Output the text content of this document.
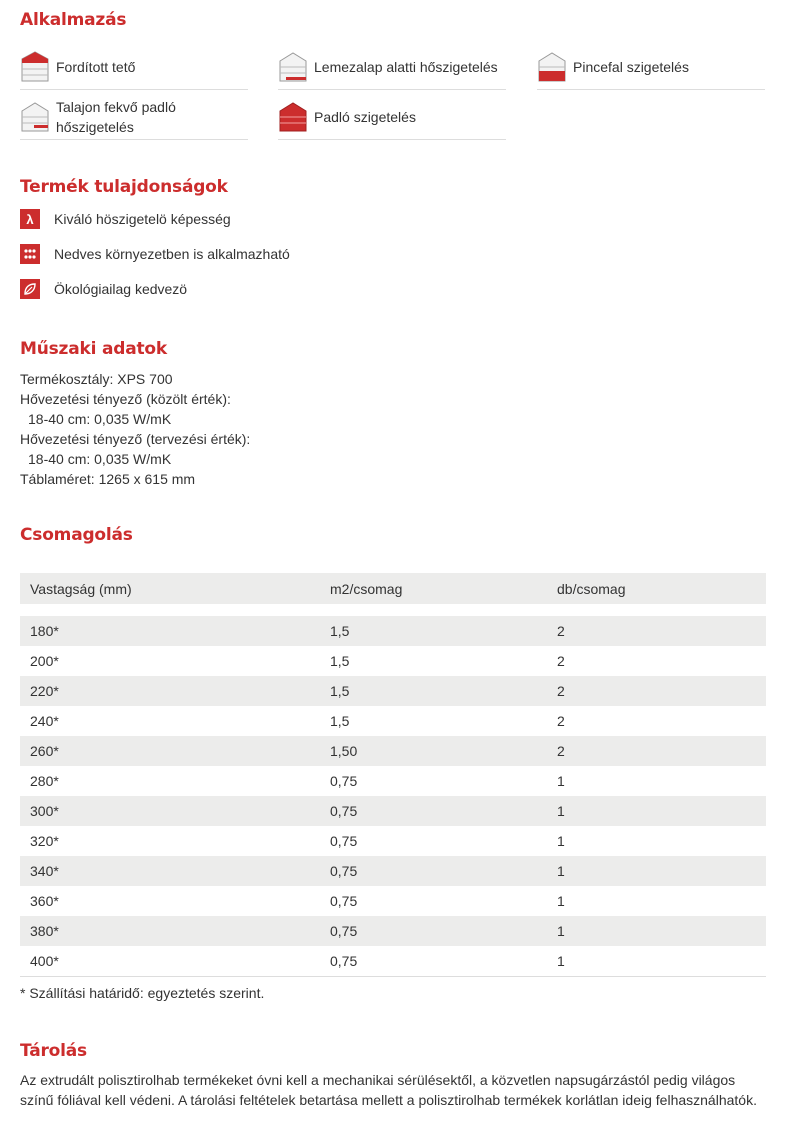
Alkalmazás
Fordított tető	Lemezalap alatti hőszigetelés	Pincefal szigetelés
Talajon fekvő padló hőszigetelés
Padló szigetelés
Termék tulajdonságok
λ	Kiváló höszigetelö képesség
Nedves környezetben is alkalmazható
Ökológiailag kedvezö
Műszaki adatok
Termékosztály: XPS 700
Hővezetési tényező (közölt érték):
18-40 cm: 0,035 W/mK
Hővezetési tényező (tervezési érték):
18-40 cm: 0,035 W/mK
Táblaméret: 1265 x 615 mm
Csomagolás
Vastagság (mm)	m2/csomag	db/csomag
180*	1,5	2
200*	1,5	2
220*	1,5	2
240*	1,5	2
260*	1,50	2
280*	0,75	1
300*	0,75	1
320*	0,75	1
340*	0,75	1
360*	0,75	1
380*	0,75	1
400*	0,75	1
* Szállítási határidő: egyeztetés szerint.
Tárolás
Az extrudált polisztirolhab termékeket óvni kell a mechanikai sérülésektől, a közvetlen napsugárzástól pedig világos színű fóliával kell védeni. A tárolási feltételek betartása mellett a polisztirolhab termékek korlátlan ideig felhasználhatók.
